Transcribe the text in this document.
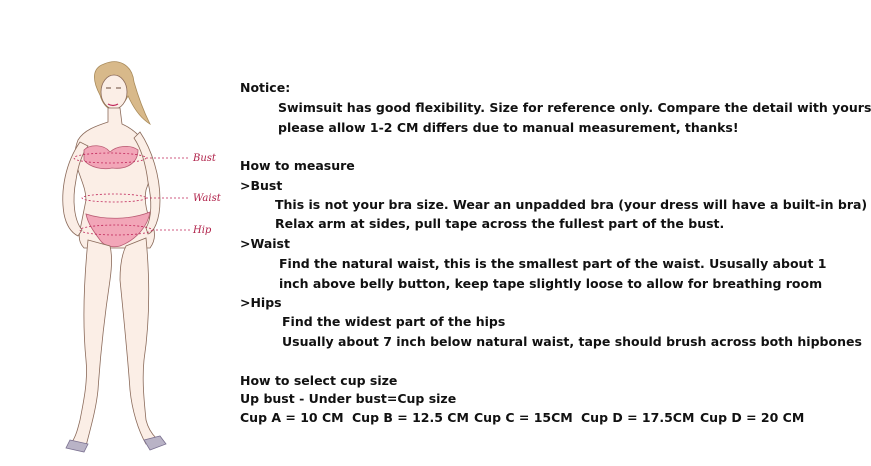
Bust
Waist
Hip
Notice:
Swimsuit has good flexibility. Size for reference only. Compare the detail with yours
please allow 1-2 CM differs due to manual measurement, thanks!
How to measure
>Bust
This is not your bra size. Wear an unpadded bra (your dress will have a built-in bra)
Relax arm at sides, pull tape across the fullest part of the bust.
>Waist
Find the natural waist, this is the smallest part of the waist. Ususally about 1
inch above belly button, keep tape slightly loose to allow for breathing room
>Hips
Find the widest part of the hips
Usually about 7 inch below natural waist, tape should brush across both hipbones
How to select cup size
Up bust - Under bust=Cup size
Cup A = 10 CM Cup B = 12.5 CM Cup C = 15CM Cup D = 17.5CM Cup D = 20 CM
